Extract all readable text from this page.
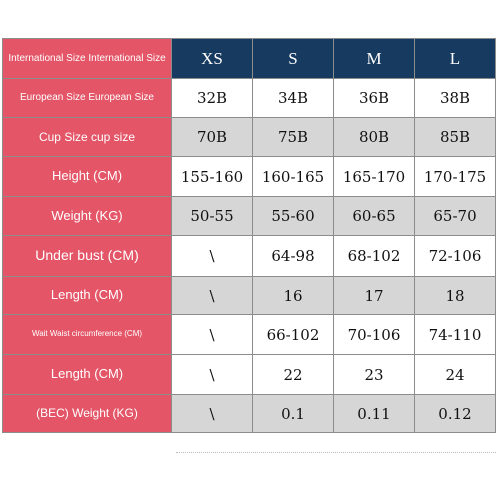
International Size International Size	XS	S	M	L
European Size European Size	32B	34B	36B	38B
Cup Size cup size	70B	75B	80B	85B
Height (CM)	155-160	160-165	165-170	170-175
Weight (KG)	50-55	55-60	60-65	65-70
Under bust (CM)	\	64-98	68-102	72-106
Length (CM)	\	16	17	18
Wait Waist circumference (CM)	\	66-102	70-106	74-110
Length (CM)	\	22	23	24
(BEC) Weight (KG)	\	0.1	0.11	0.12
